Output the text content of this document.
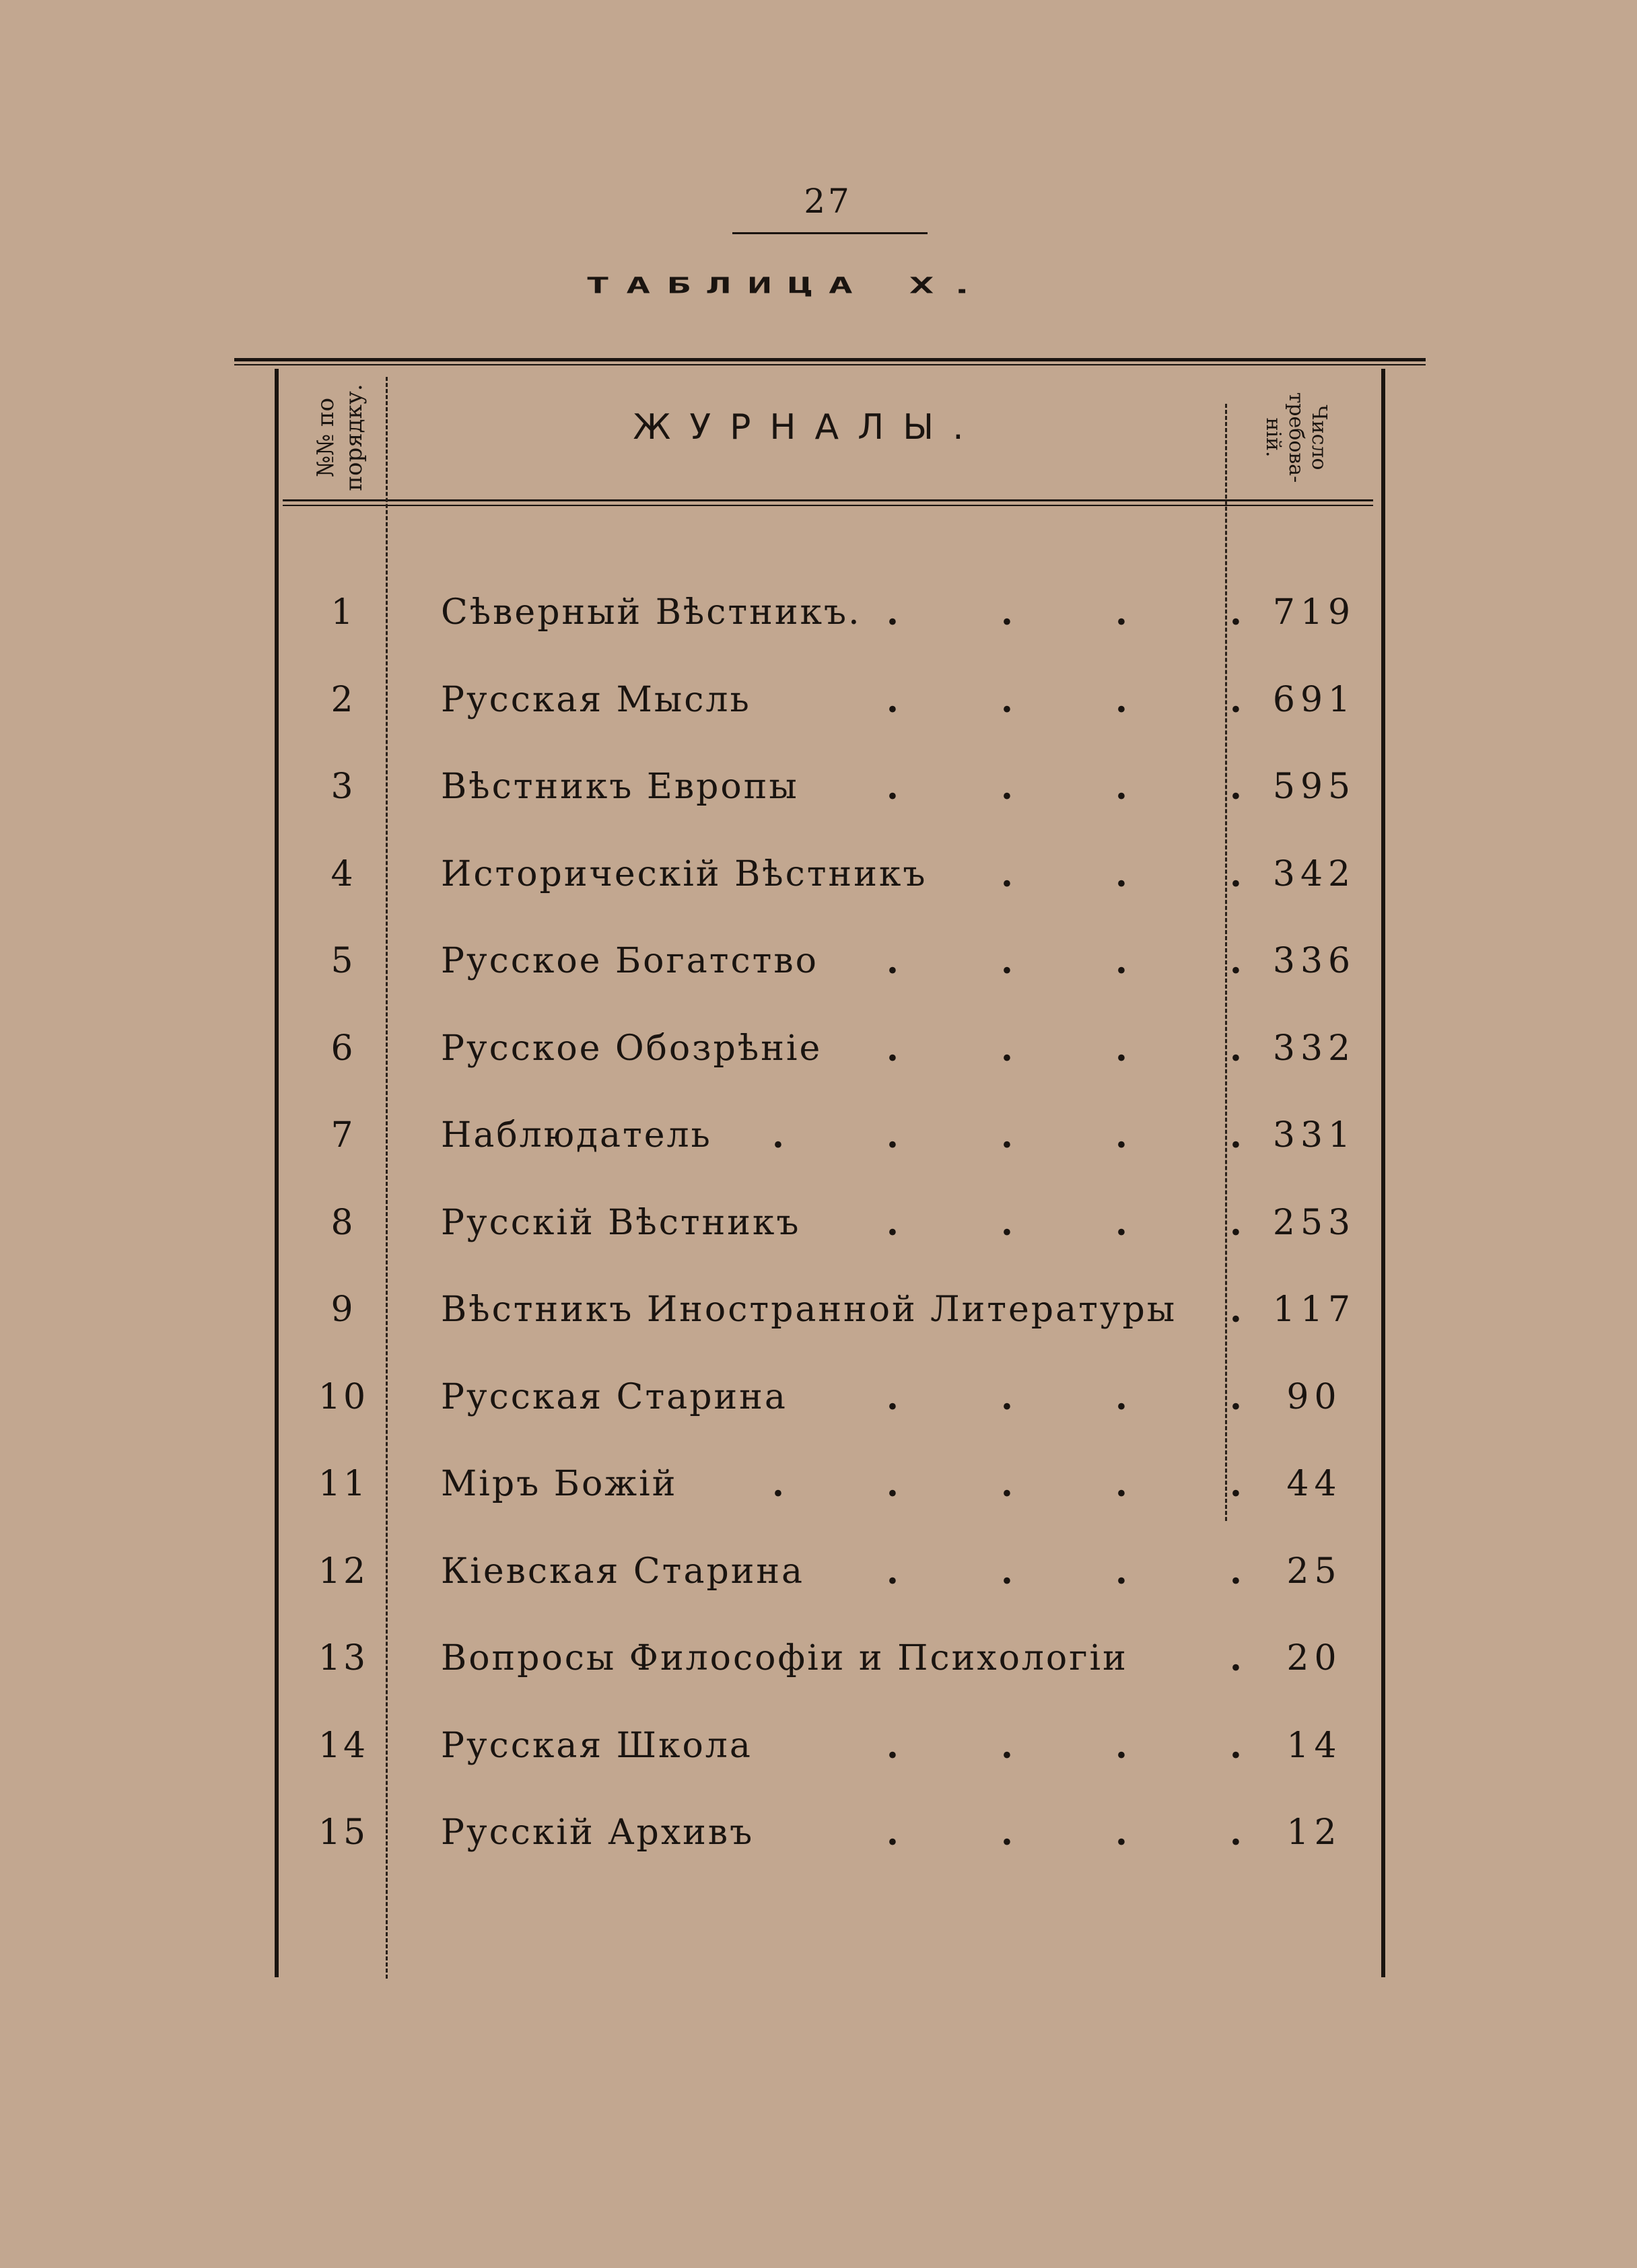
27
ТАБЛИЦА X.
№№ по порядку.	ЖУРНАЛЫ.	Число
требова-
ній.
1	Сѣверный Вѣстникъ. .	.	.	. 719
2	Русская Мысль	.	.	.	. 691
3	Вѣстникъ Европы	.	.	.	. 595
4	Историческій Вѣстникъ	.	.	. 342
5	Русское Богатство	.	.	.	. 336
6	Русское Обозрѣніе	.	.	.	. 332
7	Наблюдатель	.	.	.	.	. 331
8	Русскій Вѣстникъ	.	.	.	. 253
9	Вѣстникъ Иностранной Литературы	. 117
10	Русская Старина	.	.	.	.	90
11	Міръ Божій	.	.	.	.	.	44
12	Кіевская Старина	.	.	.	.	25
13	Вопросы Философіи и Психологіи	.	20
14	Русская Школа	.	.	.	.	14
15	Русскій Архивъ	.	.	.	.	12
